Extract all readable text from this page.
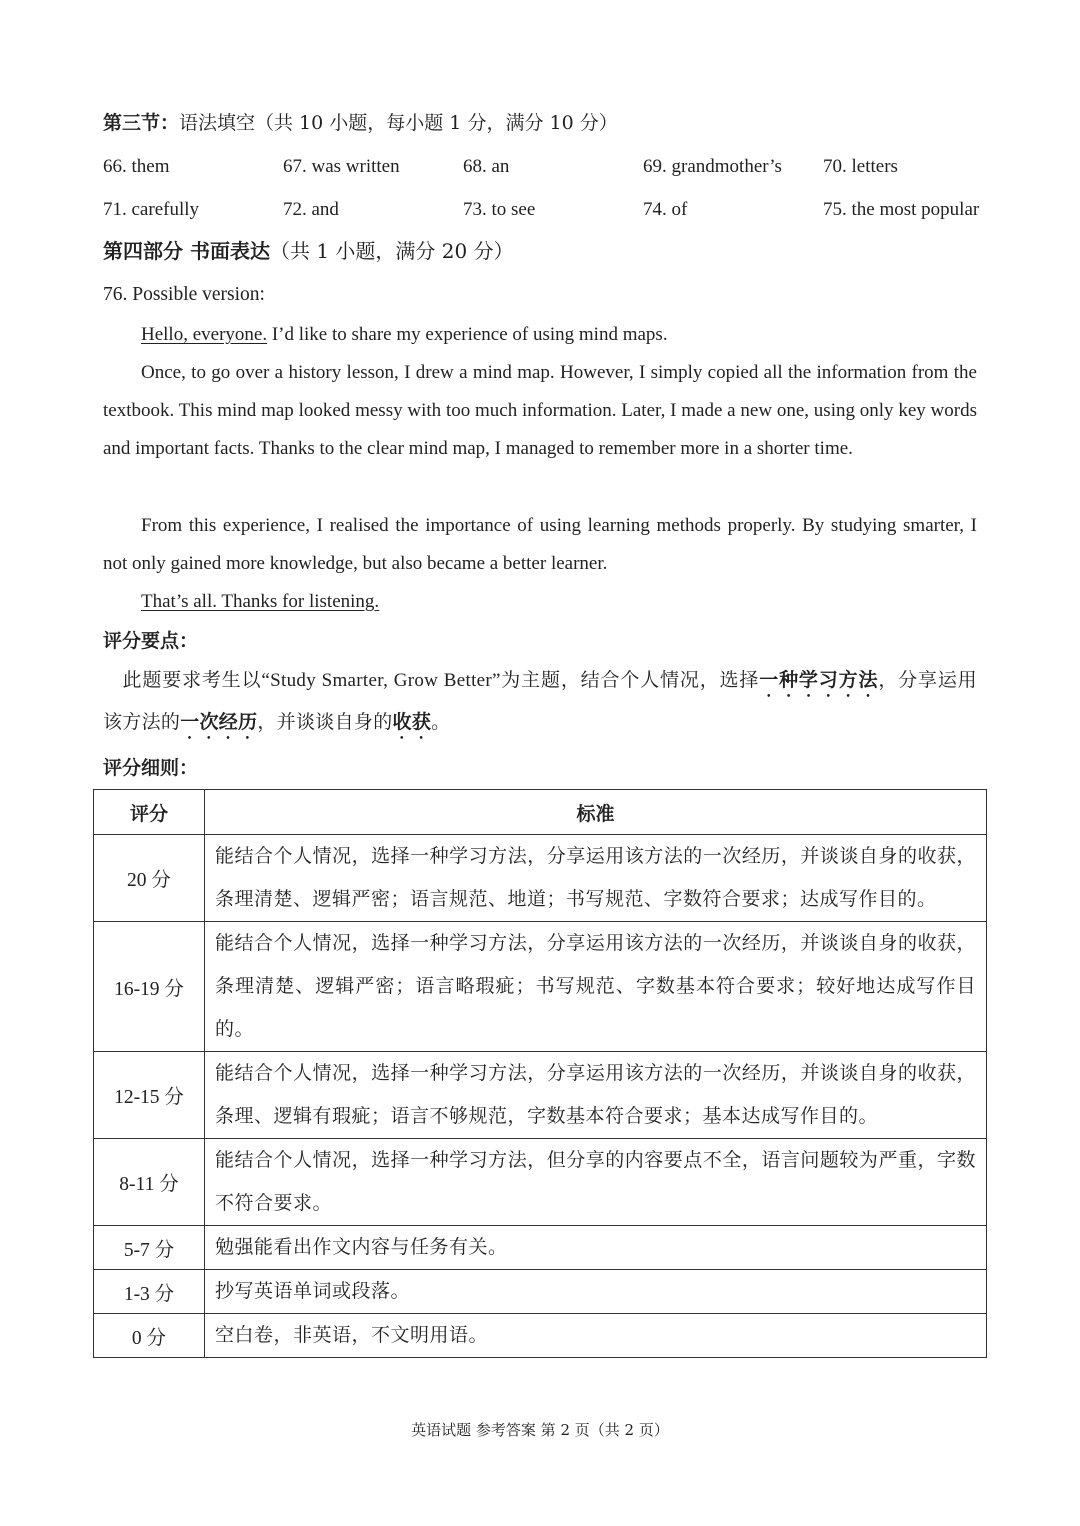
第三节：语法填空（共 10 小题，每小题 1 分，满分 10 分）
66. them	67. was written	68. an	69. grandmother’s 70. letters
71. carefully	72. and	73. to see	74. of	75. the most popular
第四部分 书面表达（共 1 小题，满分 20 分）
76. Possible version:
Hello, everyone. I’d like to share my experience of using mind maps.
Once, to go over a history lesson, I drew a mind map. However, I simply copied all the information from the textbook. This mind map looked messy with too much information. Later, I made a new one, using only key words and important facts. Thanks to the clear mind map, I managed to remember more in a shorter time.
From this experience, I realised the importance of using learning methods properly. By studying smarter, I not only gained more knowledge, but also became a better learner.
That’s all. Thanks for listening.
评分要点：
此题要求考生以“Study Smarter, Grow Better”为主题，结合个人情况，选择一种学习方法，分享运用该方法的一次经历，并谈谈自身的收获。
评分细则：
评分	标准
20 分	能结合个人情况，选择一种学习方法，分享运用该方法的一次经历，并谈谈自身的收获，条理清楚、逻辑严密；语言规范、地道；书写规范、字数符合要求；达成写作目的。
16-19 分	能结合个人情况，选择一种学习方法，分享运用该方法的一次经历，并谈谈自身的收获，条理清楚、逻辑严密；语言略瑕疵；书写规范、字数基本符合要求；较好地达成写作目的。
12-15 分	能结合个人情况，选择一种学习方法，分享运用该方法的一次经历，并谈谈自身的收获，条理、逻辑有瑕疵；语言不够规范，字数基本符合要求；基本达成写作目的。
8-11 分	能结合个人情况，选择一种学习方法，但分享的内容要点不全，语言问题较为严重，字数不符合要求。
5-7 分	勉强能看出作文内容与任务有关。
1-3 分	抄写英语单词或段落。
0 分	空白卷，非英语，不文明用语。
英语试题 参考答案 第 2 页（共 2 页）
